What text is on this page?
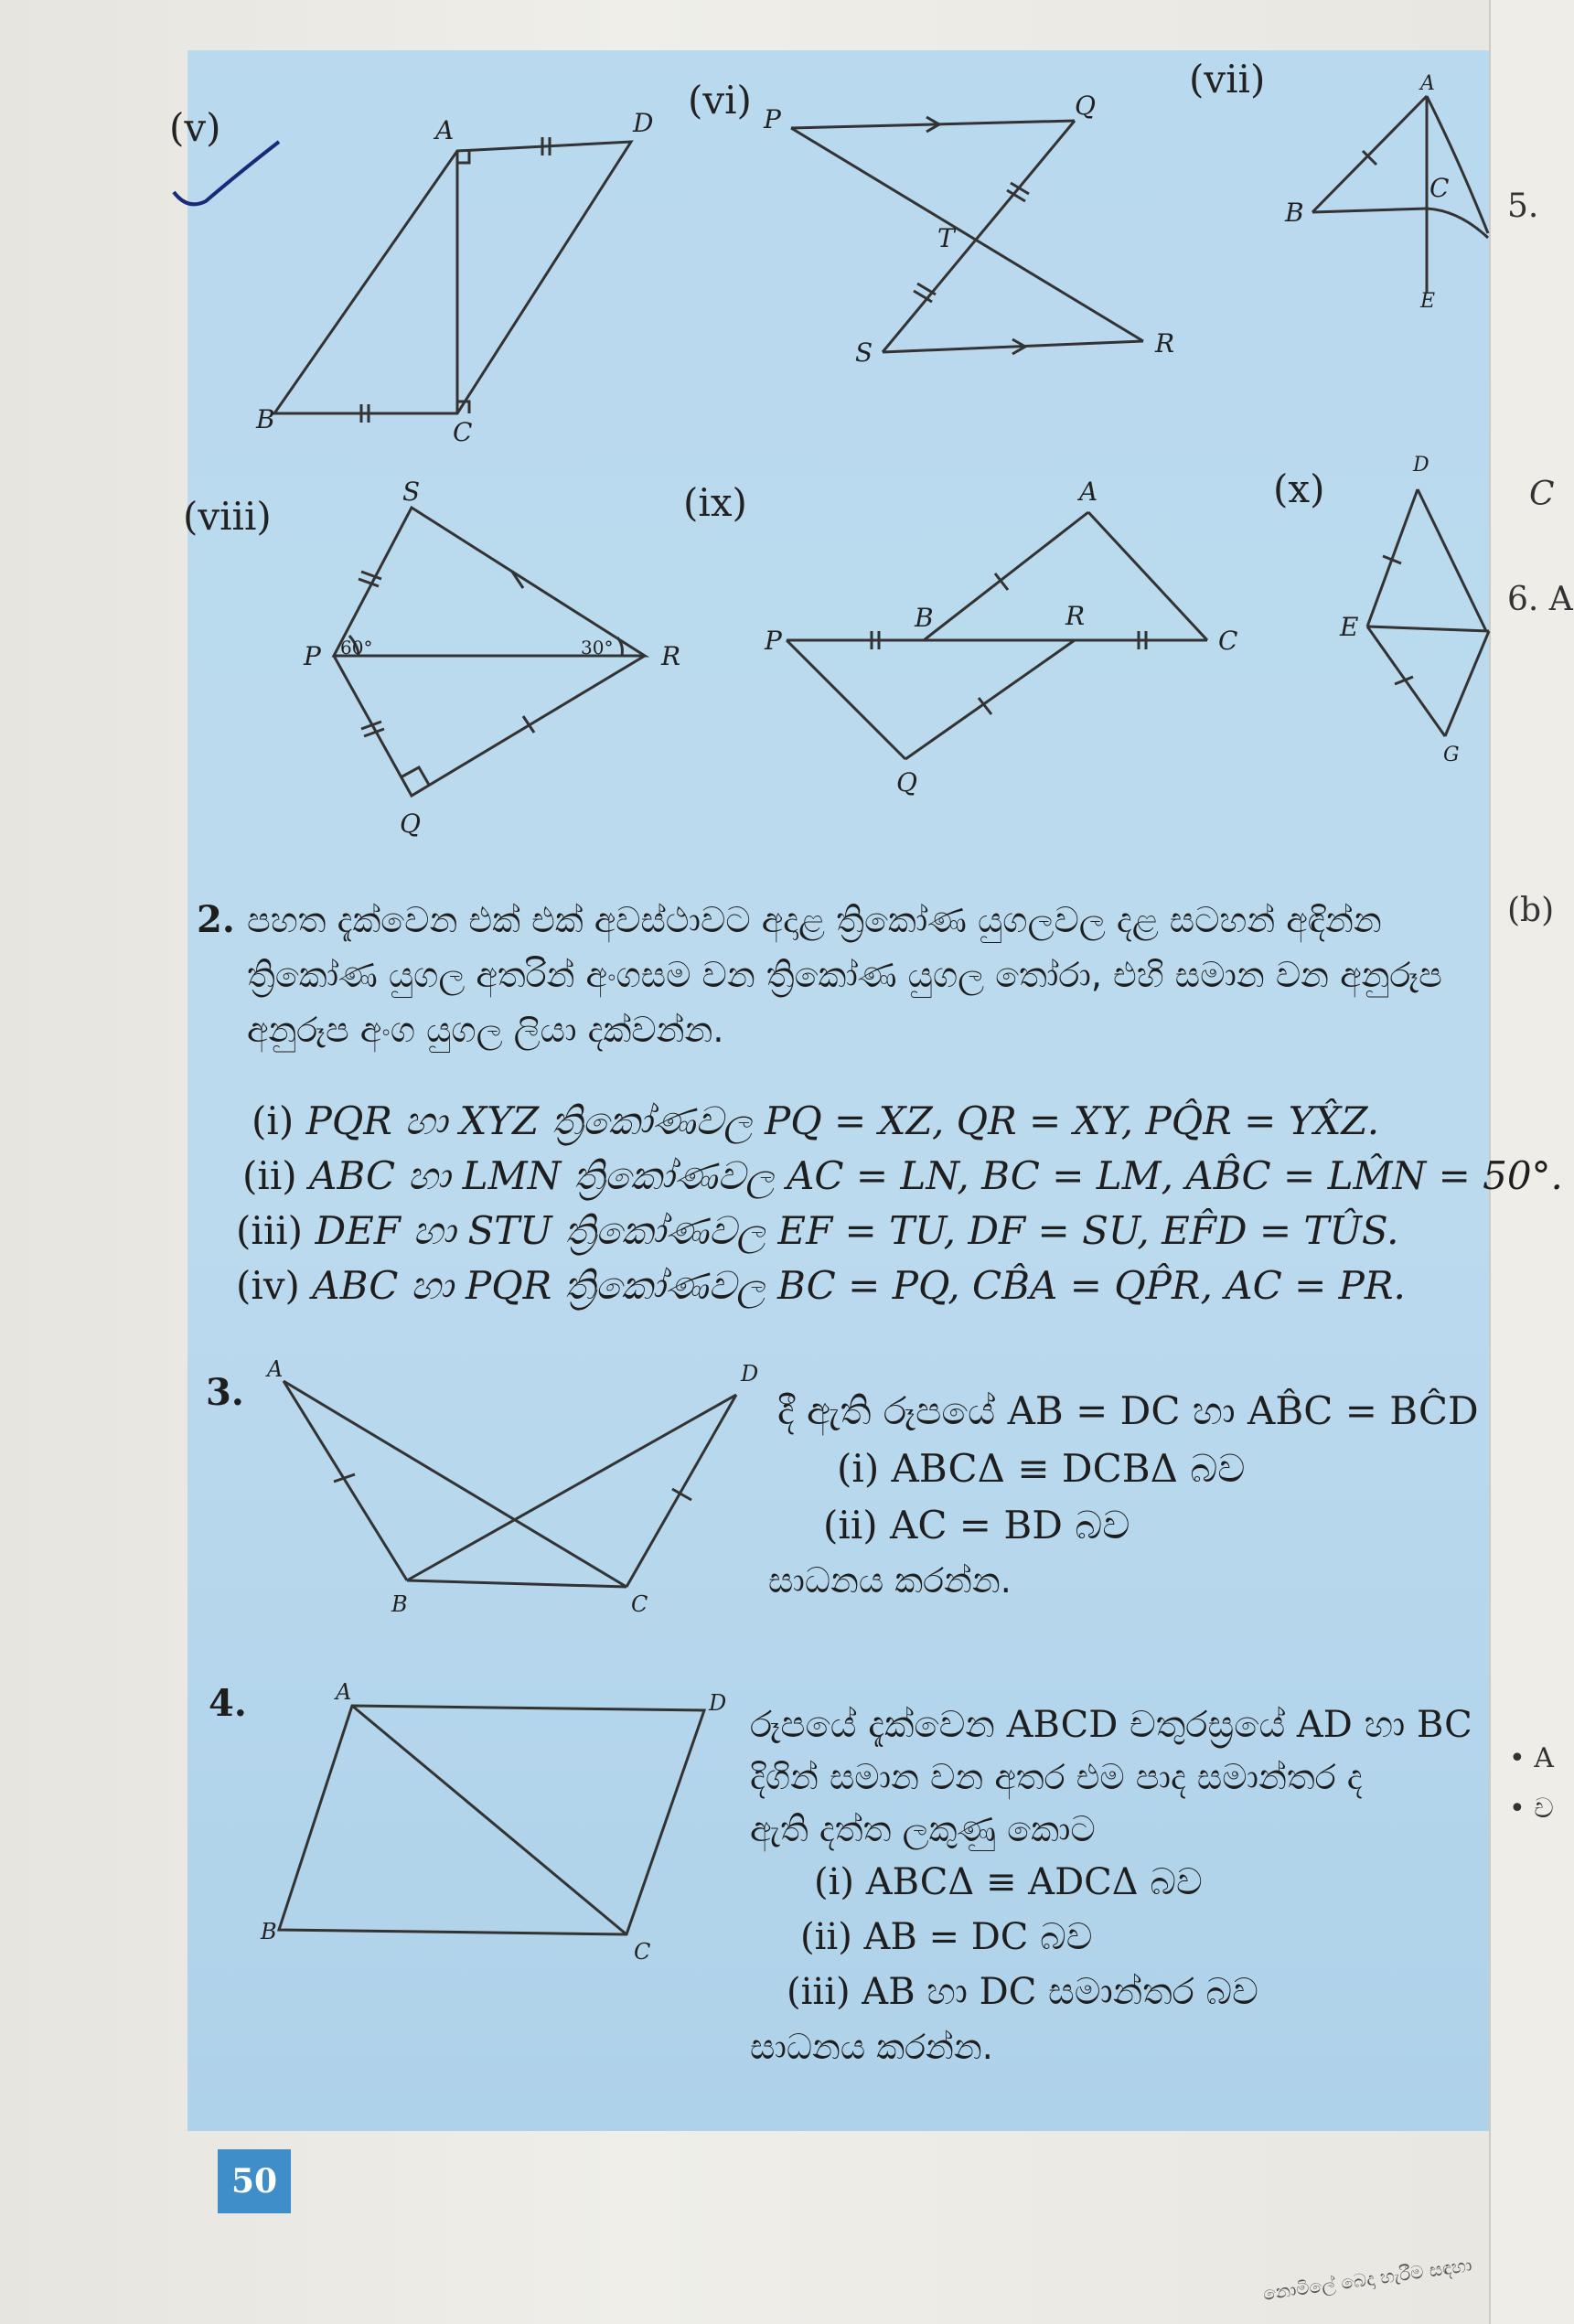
(v)	A	D
B	C
(vi) P	Q
T
S	R
(vii)	A
B
C
E
(viii)
S
P	R
Q
60°	30°
(ix)	A
P
B	R
C
Q
(x)
D
E
G
2. පහත දැක්වෙන එක් එක් අවස්ථාවට අදාළ ත්‍රිකෝණ යුගලවල දළ සටහන් අඳින්න
ත්‍රිකෝණ යුගල අතරින් අංගසම වන ත්‍රිකෝණ යුගල තෝරා, එහි සමාන වන අනුරූප
අනුරූප අංග යුගල ලියා දක්වන්න.
(i) PQR හා XYZ ත්‍රිකෝණවල PQ = XZ, QR = XY, PQ̂R = YX̂Z.
(ii) ABC හා LMN ත්‍රිකෝණවල AC = LN, BC = LM, AB̂C = LM̂N = 50°.
(iii) DEF හා STU ත්‍රිකෝණවල EF = TU, DF = SU, EF̂D = TÛS.
(iv) ABC හා PQR ත්‍රිකෝණවල BC = PQ, CB̂A = QP̂R, AC = PR.
3.
A
B	C
D
දී ඇති රූපයේ AB = DC හා AB̂C = BĈD
(i) ABCΔ ≡ DCBΔ බව
(ii) AC = BD බව
සාධනය කරන්න.
4.	A
B
C
D
රූපයේ දැක්වෙන ABCD චතුරස්‍රයේ AD හා BC
දිගින් සමාන වන අතර එම පාද සමාන්තර ද
ඇති දත්ත ලකුණු කොට
(i) ABCΔ ≡ ADCΔ බව
(ii) AB = DC බව
(iii) AB හා DC සමාන්තර බව
සාධනය කරන්න.
50
5.
C
6. A
(b)
• A
• ච
නොමිලේ බෙදා හැරීම සඳහා
